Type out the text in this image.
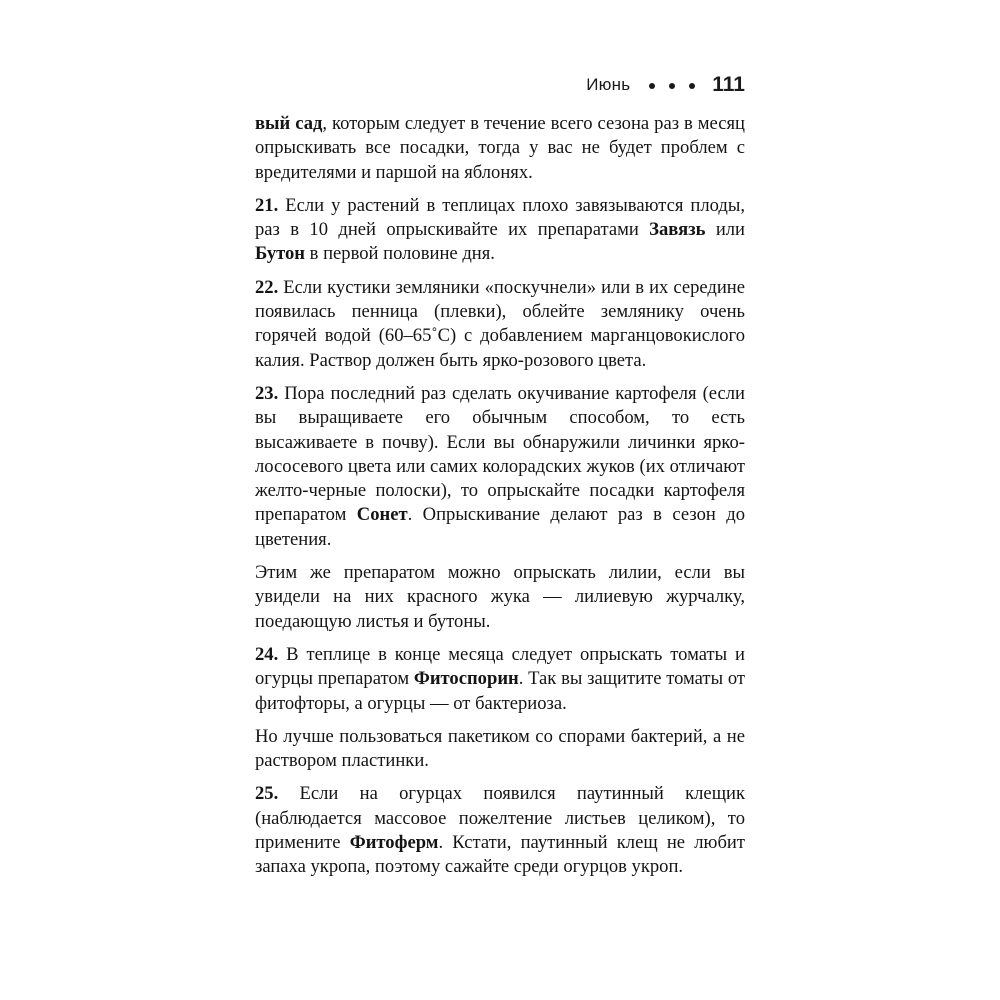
Июнь	111

вый сад, которым следует в течение всего сезона раз в месяц опрыскивать все посадки, тогда у вас не будет проблем с вредителями и паршой на яблонях.

21. Если у растений в теплицах плохо завязываются плоды, раз в 10 дней опрыскивайте их препаратами Завязь или Бутон в первой половине дня.

22. Если кустики земляники «поскучнели» или в их середине появилась пенница (плевки), облейте землянику очень горячей водой (60–65˚С) с добавлением марганцовокислого калия. Раствор должен быть ярко-розового цвета.

23. Пора последний раз сделать окучивание картофеля (если вы выращиваете его обычным способом, то есть высаживаете в почву). Если вы обнаружили личинки ярко-лососевого цвета или самих колорадских жуков (их отличают желто-черные полоски), то опрыскайте посадки картофеля препаратом Сонет. Опрыскивание делают раз в сезон до цветения.

Этим же препаратом можно опрыскать лилии, если вы увидели на них красного жука — лилиевую журчалку, поедающую листья и бутоны.

24. В теплице в конце месяца следует опрыскать томаты и огурцы препаратом Фитоспорин. Так вы защитите томаты от фитофторы, а огурцы — от бактериоза.

Но лучше пользоваться пакетиком со спорами бактерий, а не раствором пластинки.

25. Если на огурцах появился паутинный клещик (наблюдается массовое пожелтение листьев целиком), то примените Фитоферм. Кстати, паутинный клещ не любит запаха укропа, поэтому сажайте среди огурцов укроп.
